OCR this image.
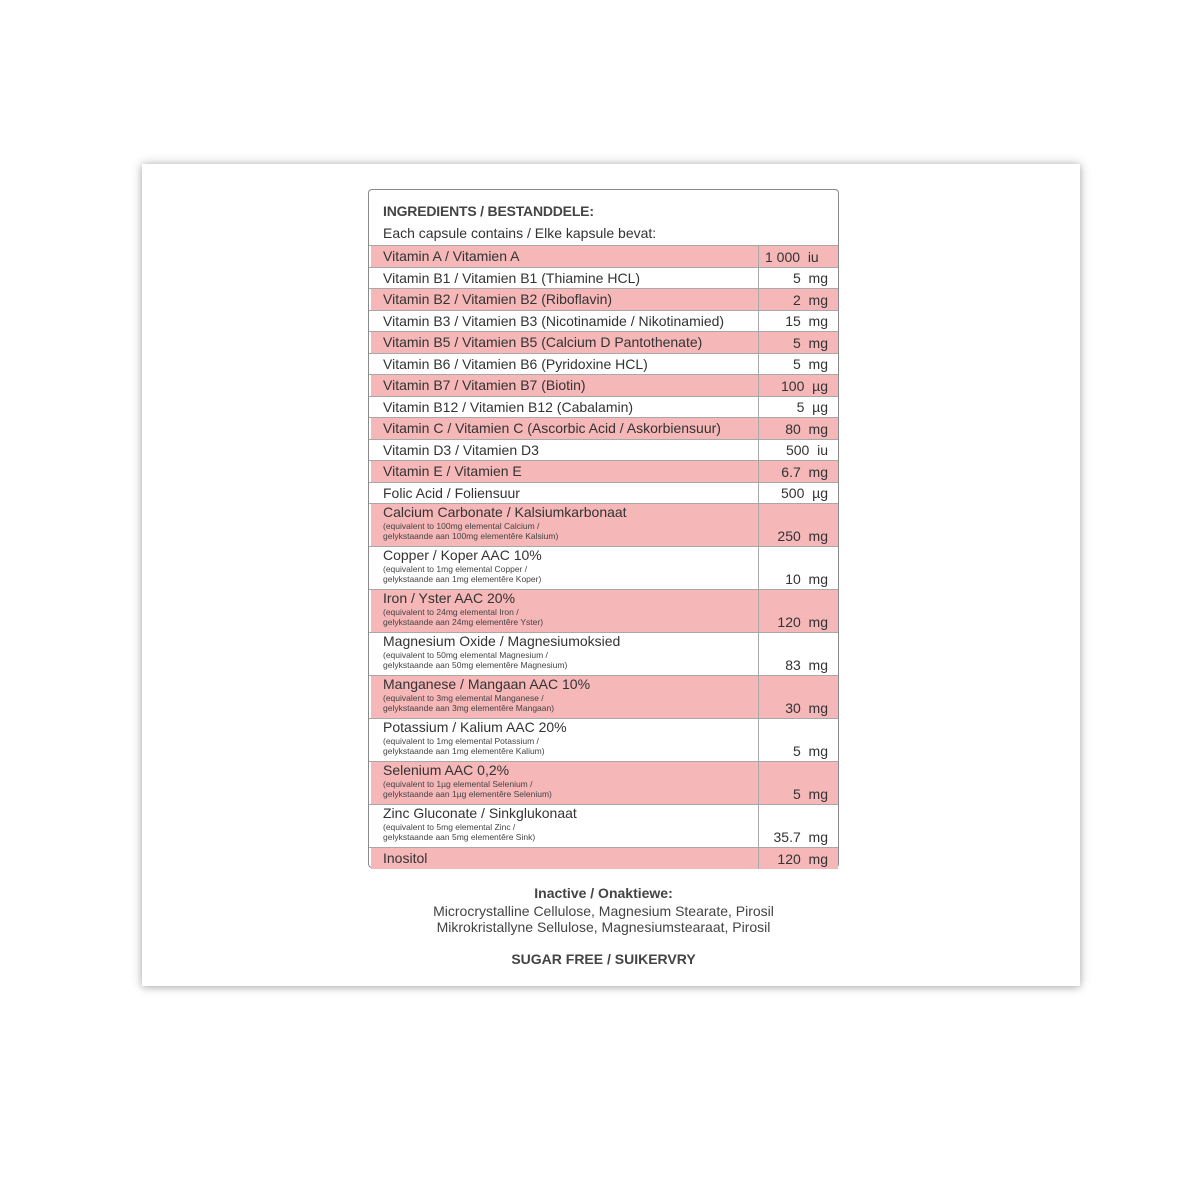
INGREDIENTS / BESTANDDELE:
Each capsule contains / Elke kapsule bevat:
Vitamin A / Vitamien A	1 000  iu
Vitamin B1 / Vitamien B1 (Thiamine HCL)	5  mg
Vitamin B2 / Vitamien B2 (Riboflavin)	2  mg
Vitamin B3 / Vitamien B3 (Nicotinamide / Nikotinamied)	15  mg
Vitamin B5 / Vitamien B5 (Calcium D Pantothenate)	5  mg
Vitamin B6 / Vitamien B6 (Pyridoxine HCL)	5  mg
Vitamin B7 / Vitamien B7 (Biotin)	100  µg
Vitamin B12 / Vitamien B12 (Cabalamin)	5  µg
Vitamin C / Vitamien C (Ascorbic Acid / Askorbiensuur)	80  mg
Vitamin D3 / Vitamien D3	500  iu
Vitamin E / Vitamien E	6.7  mg
Folic Acid / Foliensuur	500  µg
Calcium Carbonate / Kalsiumkarbonaat
(equivalent to 100mg elemental Calcium /
gelykstaande aan 100mg elementêre Kalsium)	250  mg
Copper / Koper AAC 10%
(equivalent to 1mg elemental Copper /
gelykstaande aan 1mg elementêre Koper)	10  mg
Iron / Yster AAC 20%
(equivalent to 24mg elemental Iron /
gelykstaande aan 24mg elementêre Yster)	120  mg
Magnesium Oxide / Magnesiumoksied
(equivalent to 50mg elemental Magnesium /
gelykstaande aan 50mg elementêre Magnesium)	83  mg
Manganese / Mangaan AAC 10%
(equivalent to 3mg elemental Manganese /
gelykstaande aan 3mg elementêre Mangaan)	30  mg
Potassium / Kalium AAC 20%
(equivalent to 1mg elemental Potassium /
gelykstaande aan 1mg elementêre Kalium)	5  mg
Selenium AAC 0,2%
(equivalent to 1µg elemental Selenium /
gelykstaande aan 1µg elementêre Selenium)	5  mg
Zinc Gluconate / Sinkglukonaat
(equivalent to 5mg elemental Zinc /
gelykstaande aan 5mg elementêre Sink)	35.7  mg
Inositol	120  mg
Inactive / Onaktiewe:
Microcrystalline Cellulose, Magnesium Stearate, Pirosil
Mikrokristallyne Sellulose, Magnesiumstearaat, Pirosil
SUGAR FREE / SUIKERVRY
